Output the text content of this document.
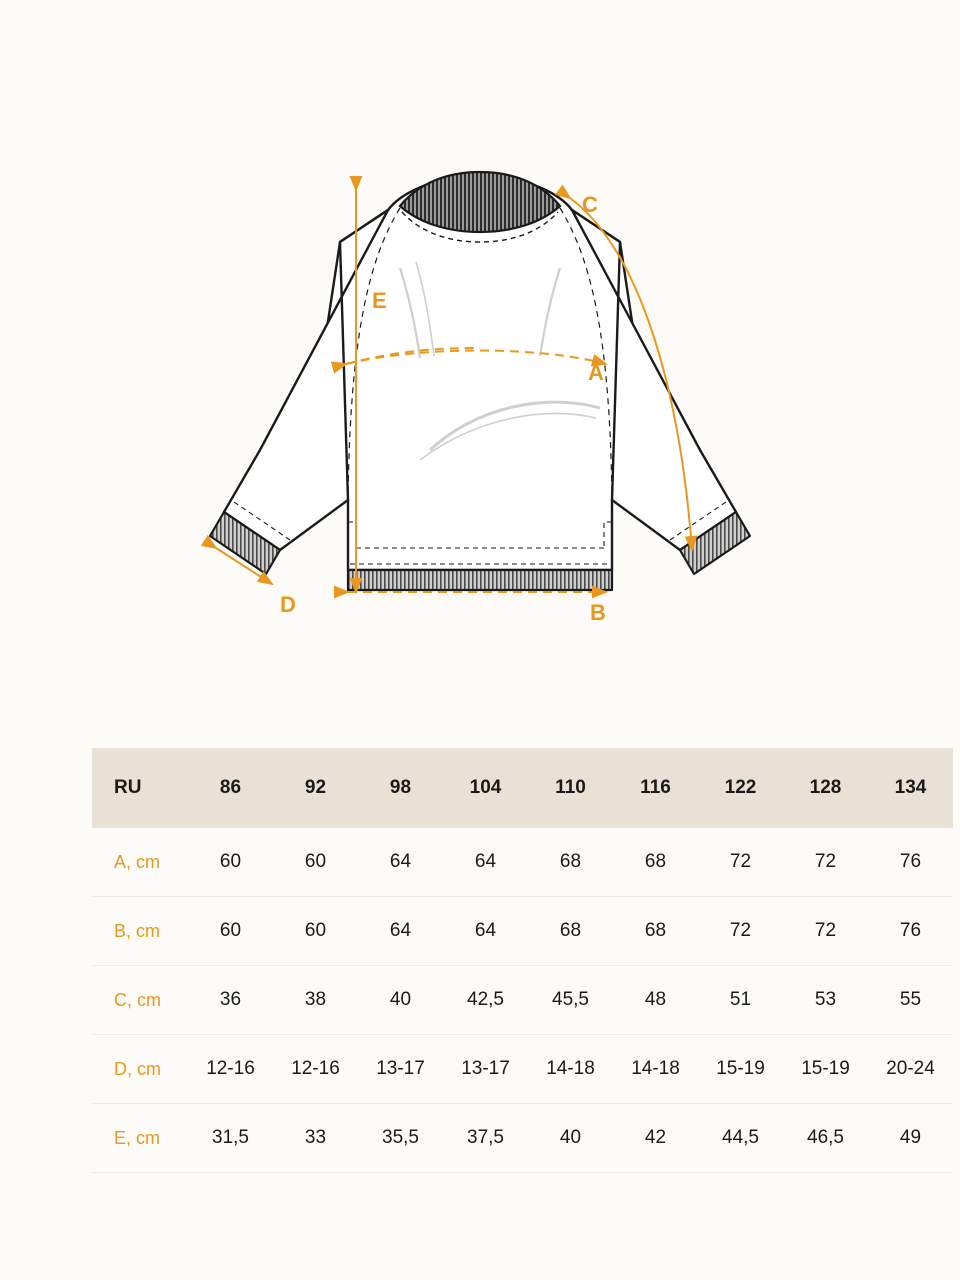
A
B
C
D
E
RU	86	92	98	104	110	116	122	128	134
A, cm	60	60	64	64	68	68	72	72	76
B, cm	60	60	64	64	68	68	72	72	76
C, cm	36	38	40	42,5	45,5	48	51	53	55
D, cm	12-16	12-16	13-17	13-17	14-18	14-18	15-19	15-19	20-24
E, cm	31,5	33	35,5	37,5	40	42	44,5	46,5	49
